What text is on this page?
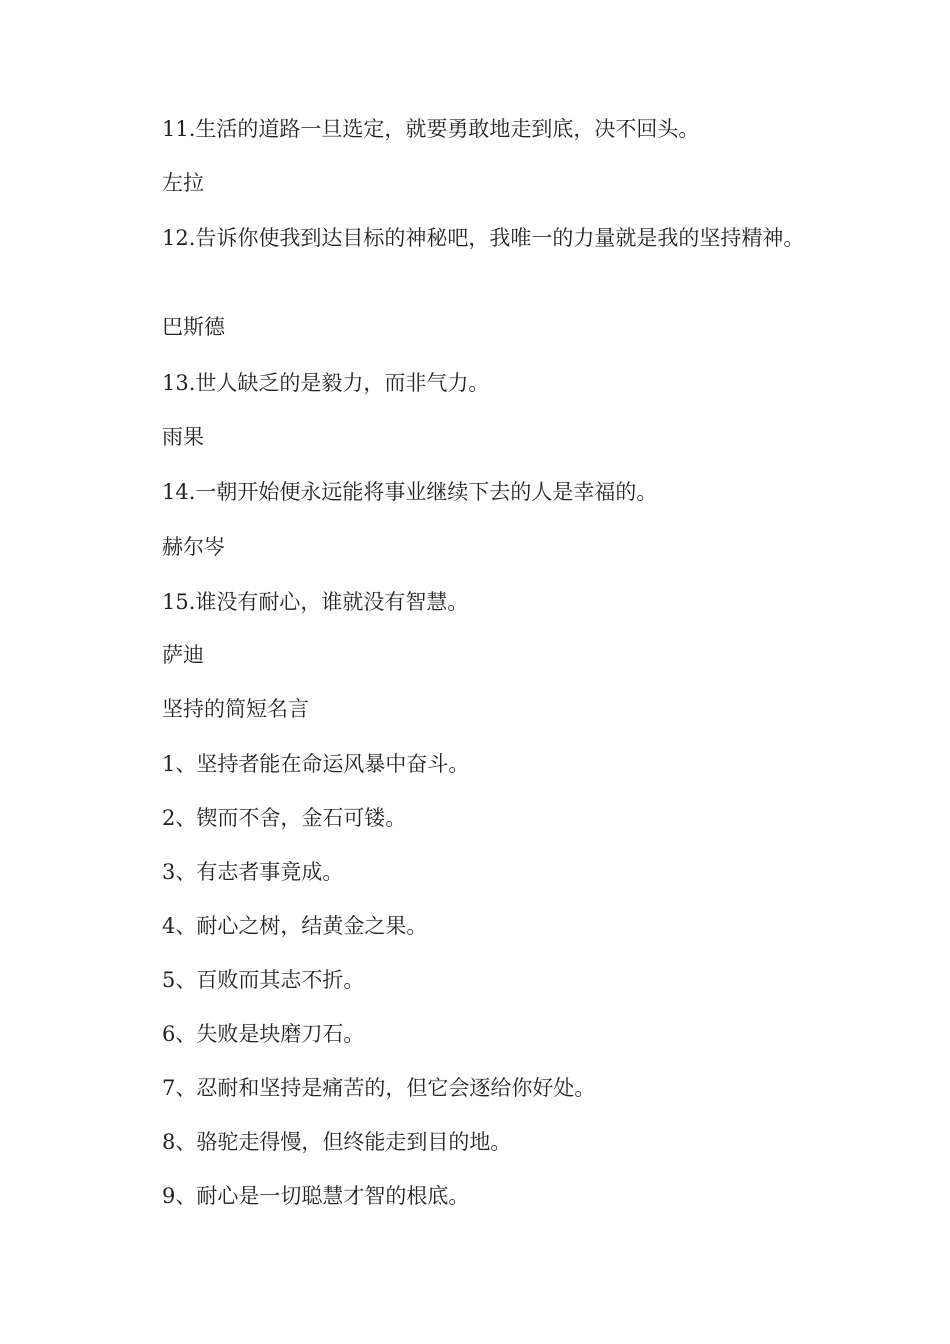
11.生活的道路一旦选定，就要勇敢地走到底，决不回头。

左拉

12.告诉你使我到达目标的神秘吧，我唯一的力量就是我的坚持精神。

巴斯德

13.世人缺乏的是毅力，而非气力。

雨果

14.一朝开始便永远能将事业继续下去的人是幸福的。

赫尔岑

15.谁没有耐心，谁就没有智慧。

萨迪

坚持的简短名言

1、坚持者能在命运风暴中奋斗。

2、锲而不舍，金石可镂。

3、有志者事竟成。

4、耐心之树，结黄金之果。

5、百败而其志不折。

6、失败是块磨刀石。

7、忍耐和坚持是痛苦的，但它会逐给你好处。

8、骆驼走得慢，但终能走到目的地。

9、耐心是一切聪慧才智的根底。
